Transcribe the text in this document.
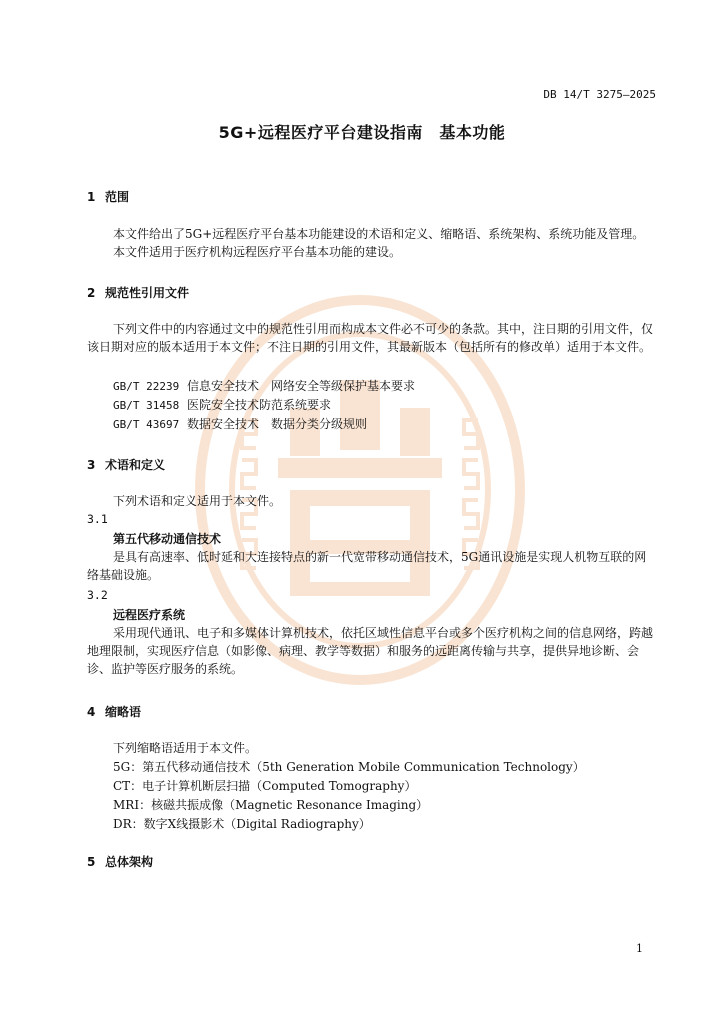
DB 14/T 3275—2025
5G+远程医疗平台建设指南　基本功能
1 范围
本文件给出了5G+远程医疗平台基本功能建设的术语和定义、缩略语、系统架构、系统功能及管理。
本文件适用于医疗机构远程医疗平台基本功能的建设。
2 规范性引用文件
下列文件中的内容通过文中的规范性引用而构成本文件必不可少的条款。其中，注日期的引用文件，仅该日期对应的版本适用于本文件；不注日期的引用文件，其最新版本（包括所有的修改单）适用于本文件。
GB/T 22239 信息安全技术　网络安全等级保护基本要求
GB/T 31458 医院安全技术防范系统要求
GB/T 43697 数据安全技术　数据分类分级规则
3 术语和定义
下列术语和定义适用于本文件。
3.1
第五代移动通信技术
是具有高速率、低时延和大连接特点的新一代宽带移动通信技术，5G通讯设施是实现人机物互联的网络基础设施。
3.2
远程医疗系统
采用现代通讯、电子和多媒体计算机技术，依托区域性信息平台或多个医疗机构之间的信息网络，跨越地理限制，实现医疗信息（如影像、病理、教学等数据）和服务的远距离传输与共享，提供异地诊断、会诊、监护等医疗服务的系统。
4 缩略语
下列缩略语适用于本文件。
5G：第五代移动通信技术（5th Generation Mobile Communication Technology）
CT：电子计算机断层扫描（Computed Tomography）
MRI：核磁共振成像（Magnetic Resonance Imaging）
DR：数字X线摄影术（Digital Radiography）
5 总体架构
1
